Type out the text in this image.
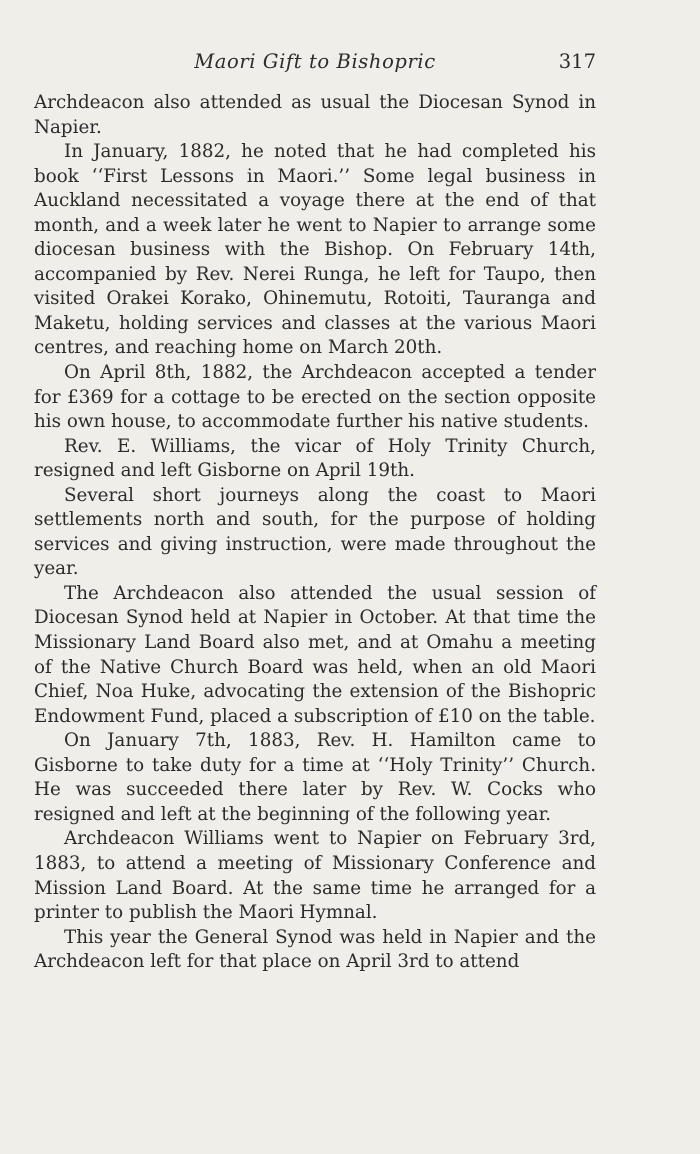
Maori Gift to Bishopric	317

Archdeacon also attended as usual the Diocesan Synod in Napier.

In January, 1882, he noted that he had completed his book ‘‘First Lessons in Maori.’’ Some legal business in Auckland necessitated a voyage there at the end of that month, and a week later he went to Napier to arrange some diocesan business with the Bishop. On February 14th, accompanied by Rev. Nerei Runga, he left for Taupo, then visited Orakei Korako, Ohinemutu, Rotoiti, Tauranga and Maketu, holding services and classes at the various Maori centres, and reaching home on March 20th.

On April 8th, 1882, the Archdeacon accepted a tender for £369 for a cottage to be erected on the section opposite his own house, to accommodate further his native students.

Rev. E. Williams, the vicar of Holy Trinity Church, resigned and left Gisborne on April 19th.

Several short journeys along the coast to Maori settlements north and south, for the purpose of holding services and giving instruction, were made throughout the year.

The Archdeacon also attended the usual session of Diocesan Synod held at Napier in October. At that time the Missionary Land Board also met, and at Omahu a meeting of the Native Church Board was held, when an old Maori Chief, Noa Huke, advocating the extension of the Bishopric Endowment Fund, placed a subscription of £10 on the table.

On January 7th, 1883, Rev. H. Hamilton came to Gisborne to take duty for a time at ‘‘Holy Trinity’’ Church. He was succeeded there later by Rev. W. Cocks who resigned and left at the beginning of the following year.

Archdeacon Williams went to Napier on February 3rd, 1883, to attend a meeting of Missionary Conference and Mission Land Board. At the same time he arranged for a printer to publish the Maori Hymnal.

This year the General Synod was held in Napier and the Archdeacon left for that place on April 3rd to attend
